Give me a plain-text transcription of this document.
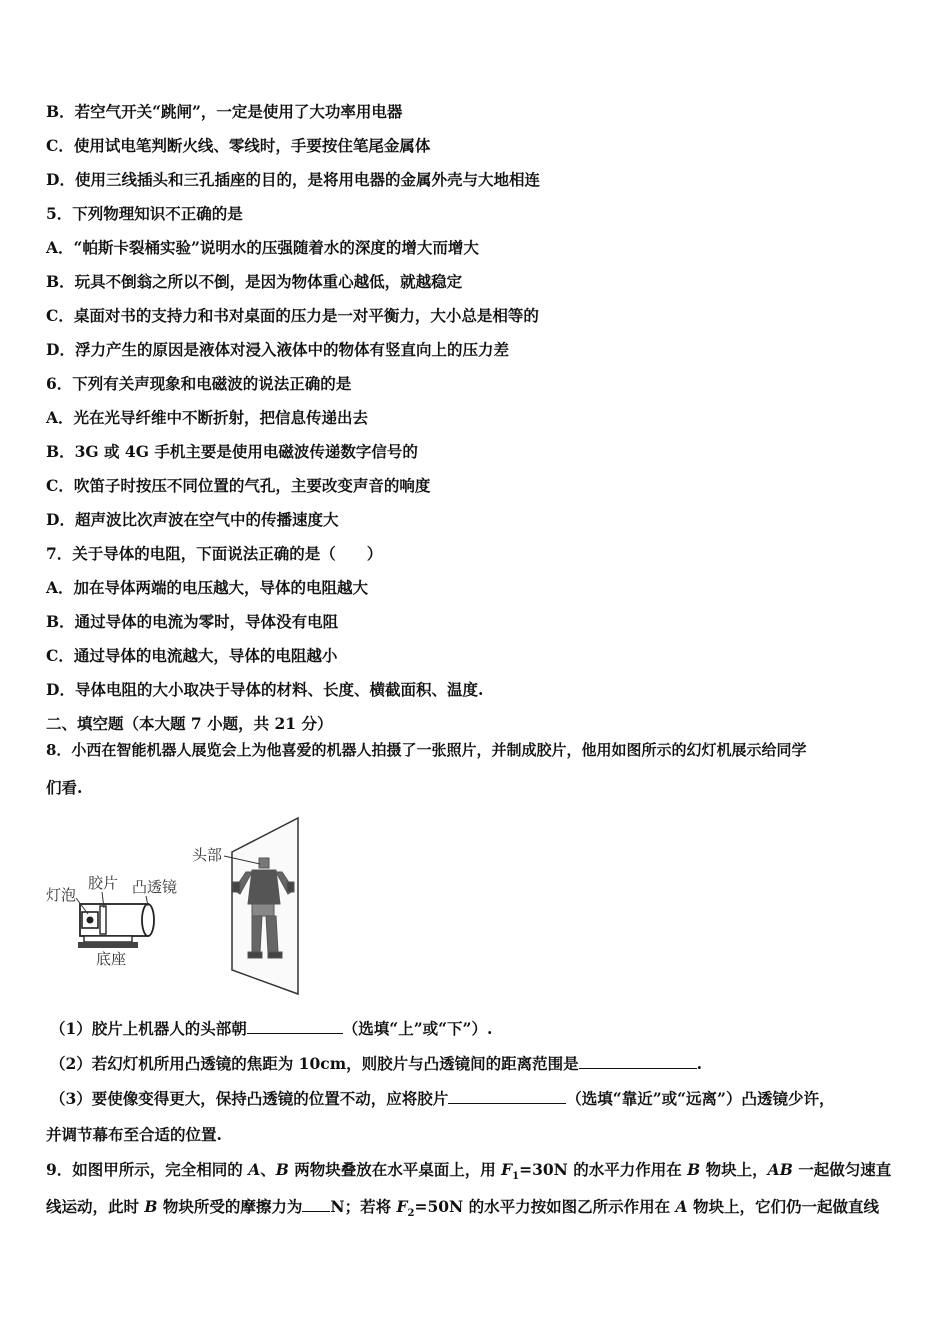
B．若空气开关“跳闸”，一定是使用了大功率用电器
C．使用试电笔判断火线、零线时，手要按住笔尾金属体
D．使用三线插头和三孔插座的目的，是将用电器的金属外壳与大地相连
5．下列物理知识不正确的是
A．“帕斯卡裂桶实验”说明水的压强随着水的深度的增大而增大
B．玩具不倒翁之所以不倒，是因为物体重心越低，就越稳定
C．桌面对书的支持力和书对桌面的压力是一对平衡力，大小总是相等的
D．浮力产生的原因是液体对浸入液体中的物体有竖直向上的压力差
6．下列有关声现象和电磁波的说法正确的是
A．光在光导纤维中不断折射，把信息传递出去
B．3G 或 4G 手机主要是使用电磁波传递数字信号的
C．吹笛子时按压不同位置的气孔，主要改变声音的响度
D．超声波比次声波在空气中的传播速度大
7．关于导体的电阻，下面说法正确的是（　　）
A．加在导体两端的电压越大，导体的电阻越大
B．通过导体的电流为零时，导体没有电阻
C．通过导体的电流越大，导体的电阻越小
D．导体电阻的大小取决于导体的材料、长度、横截面积、温度.
二、填空题（本大题 7 小题，共 21 分）
8．小西在智能机器人展览会上为他喜爱的机器人拍摄了一张照片，并制成胶片，他用如图所示的幻灯机展示给同学
们看.
头部
灯泡
胶片 凸透镜
底座
（1）胶片上机器人的头部朝	（选填“上”或“下”）.
（2）若幻灯机所用凸透镜的焦距为 10cm，则胶片与凸透镜间的距离范围是	.
（3）要使像变得更大，保持凸透镜的位置不动，应将胶片	（选填“靠近”或“远离”）凸透镜少许，
并调节幕布至合适的位置.
9．如图甲所示，完全相同的 A、B 两物块叠放在水平桌面上，用 $F_1=30N$ 的水平力作用在 B 物块上，AB 一起做匀速直
线运动，此时 B 物块所受的摩擦力为 N；若将 $F_2=50N$ 的水平力按如图乙所示作用在 A 物块上，它们仍一起做直线
